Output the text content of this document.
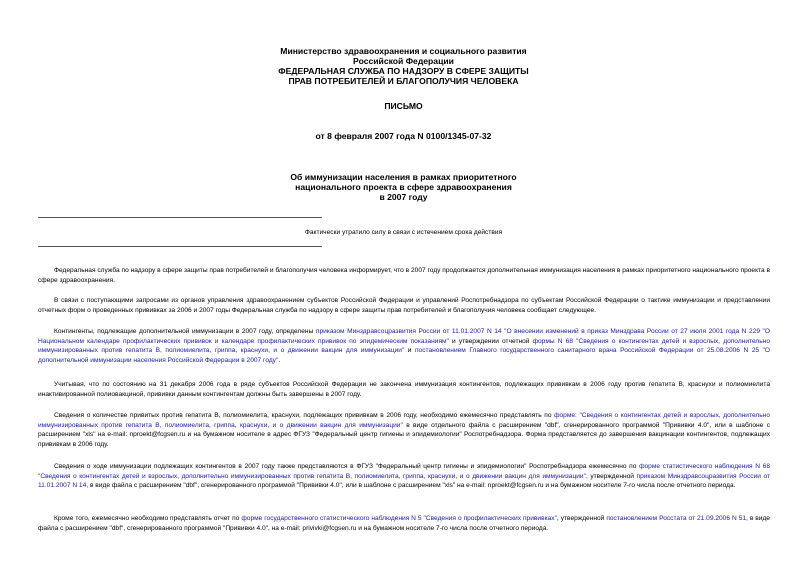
Министерство здравоохранения и социального развития
Российской Федерации
ФЕДЕРАЛЬНАЯ СЛУЖБА ПО НАДЗОРУ В СФЕРЕ ЗАЩИТЫ
ПРАВ ПОТРЕБИТЕЛЕЙ И БЛАГОПОЛУЧИЯ ЧЕЛОВЕКА
ПИСЬМО
от 8 февраля 2007 года N 0100/1345-07-32
Об иммунизации населения в рамках приоритетного
национального проекта в сфере здравоохранения
в 2007 году
Фактически утратило силу в связи с истечением срока действия

Федеральная служба по надзору в сфере защиты прав потребителей и благополучия человека информирует, что в 2007 году продолжается дополнительная иммунизация населения в рамках приоритетного национального проекта в сфере здравоохранения.

В связи с поступающими запросами из органов управления здравоохранением субъектов Российской Федерации и управлений Роспотребнадзора по субъектам Российской Федерации о тактике иммунизации и представлении отчетных форм о проведенных прививках за 2006 и 2007 годы Федеральная служба по надзору в сфере защиты прав потребителей и благополучия человека сообщает следующее.

Контингенты, подлежащие дополнительной иммунизации в 2007 году, определены приказом Минздравсоцразвития России от 11.01.2007 N 14 "О внесении изменений в приказ Минздрава России от 27 июля 2001 года N 229 "О Национальном календаре профилактических прививок и календаре профилактических прививок по эпидемическим показаниям" и утверждении отчетной формы N 68 "Сведения о контингентах детей и взрослых, дополнительно иммунизированных против гепатита B, полиомиелита, гриппа, краснухи, и о движении вакцин для иммунизации" и постановлением Главного государственного санитарного врача Российской Федерации от 25.08.2006 N 25 "О дополнительной иммунизации населения Российской Федерации в 2007 году".

Учитывая, что по состоянию на 31 декабря 2006 года в ряде субъектов Российской Федерации не закончена иммунизация контингентов, подлежащих прививкам в 2006 году против гепатита B, краснухи и полиомиелита инактивированной полиовакциной, прививки данным контингентам должны быть завершены в 2007 году.

Сведения о количестве привитых против гепатита B, полиомиелита, краснухи, подлежащих прививкам в 2006 году, необходимо ежемесячно представлять по форме: "Сведения о контингентах детей и взрослых, дополнительно иммунизированных против гепатита B, полиомиелита, гриппа, краснухи, и о движении вакцин для иммунизации" в виде отдельного файла с расширением "dbf", сгенерированного программой "Прививки 4.0", или в шаблоне с расширением "xls" на e-mail: nproekt@fcgsen.ru и на бумажном носителе в адрес ФГУЗ "Федеральный центр гигиены и эпидемиологии" Роспотребнадзора. Форма представляется до завершения вакцинации контингентов, подлежащих прививкам в 2006 году.

Сведения о ходе иммунизации подлежащих контингентов в 2007 году также представляются в ФГУЗ "Федеральный центр гигиены и эпидемиологии" Роспотребнадзора ежемесячно по форме статистического наблюдения N 68 "Сведения о контингентах детей и взрослых, дополнительно иммунизированных против гепатита B, полиомиелита, гриппа, краснухи, и о движении вакцин для иммунизации", утвержденной приказом Минздравсоцразвития России от 11.01.2007 N 14, в виде файла с расширением "dbf", сгенерированного программой "Прививки 4.0", или в шаблоне с расширением "xls" на e-mail: nproekt@fcgsen.ru и на бумажном носителе 7-го числа после отчетного периода.

Кроме того, ежемесячно необходимо представлять отчет по форме государственного статистического наблюдения N 5 "Сведения о профилактических прививках", утвержденной постановлением Росстата от 21.09.2006 N 51, в виде файла с расширением "dbf", сгенерированного программой "Прививки 4.0", на e-mail: privivki@fcgsen.ru и на бумажном носителе 7-го числа после отчетного периода.
